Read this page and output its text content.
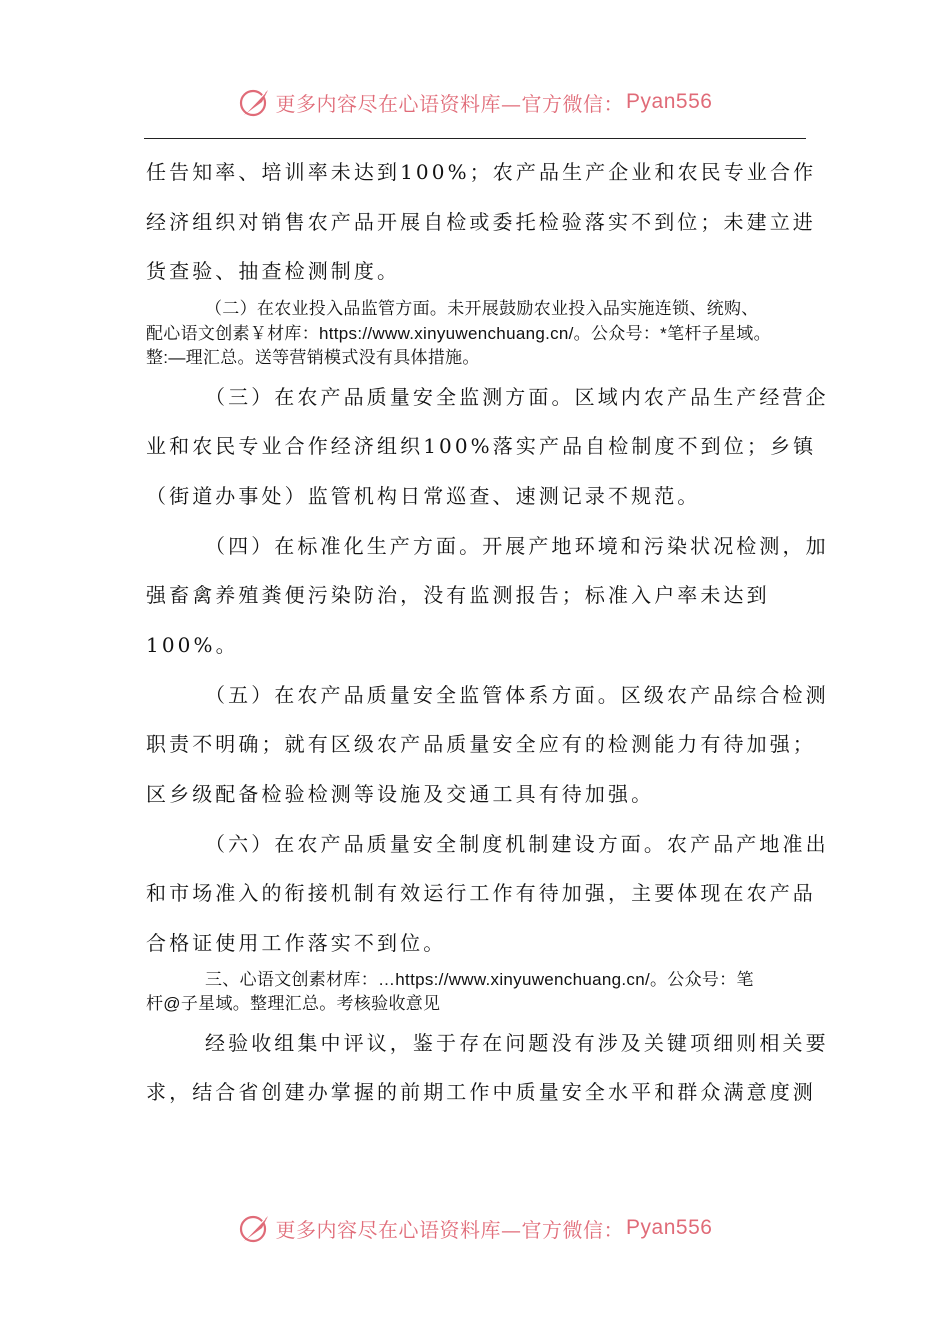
更多内容尽在心语资料库—官方微信： Pyan556
任告知率、培训率未达到100%；农产品生产企业和农民专业合作
经济组织对销售农产品开展自检或委托检验落实不到位；未建立进
货查验、抽查检测制度。
（二）在农业投入品监管方面。未开展鼓励农业投入品实施连锁、统购、
配心语文创素￥材库：https://www.xinyuwenchuang.cn/。公众号：*笔杆子星域。
整:—理汇总。送等营销模式没有具体措施。
（三）在农产品质量安全监测方面。区域内农产品生产经营企
业和农民专业合作经济组织100%落实产品自检制度不到位；乡镇
（街道办事处）监管机构日常巡查、速测记录不规范。
（四）在标准化生产方面。开展产地环境和污染状况检测，加
强畜禽养殖粪便污染防治，没有监测报告；标准入户率未达到
100%。
（五）在农产品质量安全监管体系方面。区级农产品综合检测
职责不明确；就有区级农产品质量安全应有的检测能力有待加强；
区乡级配备检验检测等设施及交通工具有待加强。
（六）在农产品质量安全制度机制建设方面。农产品产地准出
和市场准入的衔接机制有效运行工作有待加强，主要体现在农产品
合格证使用工作落实不到位。
三、心语文创素材库：…https://www.xinyuwenchuang.cn/。公众号：笔
杆@子星域。整理汇总。考核验收意见
经验收组集中评议，鉴于存在问题没有涉及关键项细则相关要
求，结合省创建办掌握的前期工作中质量安全水平和群众满意度测
更多内容尽在心语资料库—官方微信： Pyan556
